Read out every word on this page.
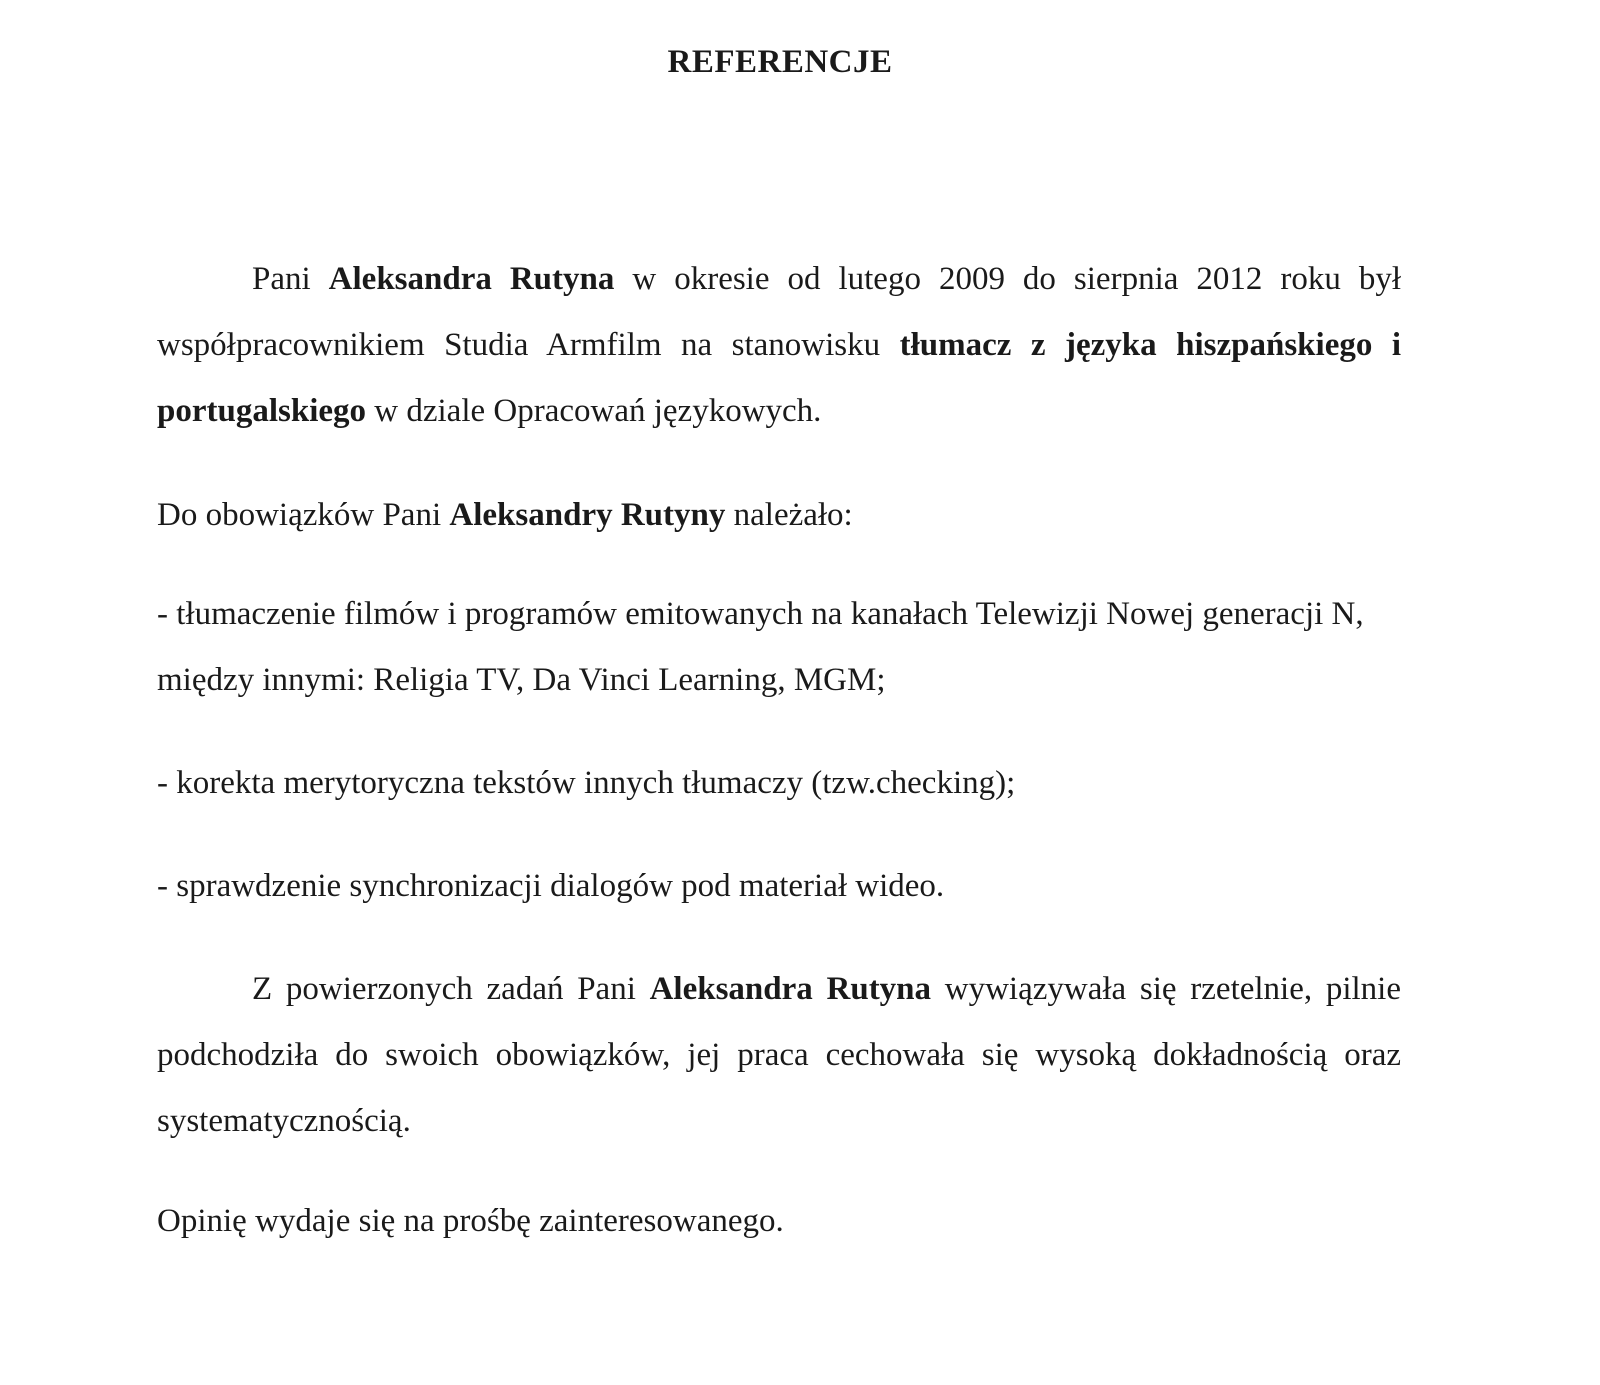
REFERENCJE

Pani Aleksandra Rutyna w okresie od lutego 2009 do sierpnia 2012 roku był współpracownikiem Studia Armfilm na stanowisku tłumacz z języka hiszpańskiego i portugalskiego w dziale Opracowań językowych.

Do obowiązków Pani Aleksandry Rutyny należało:

- tłumaczenie filmów i programów emitowanych na kanałach Telewizji Nowej generacji N, między innymi: Religia TV, Da Vinci Learning, MGM;

- korekta merytoryczna tekstów innych tłumaczy (tzw.checking);

- sprawdzenie synchronizacji dialogów pod materiał wideo.

Z powierzonych zadań Pani Aleksandra Rutyna wywiązywała się rzetelnie, pilnie podchodziła do swoich obowiązków, jej praca cechowała się wysoką dokładnością oraz systematycznością.

Opinię wydaje się na prośbę zainteresowanego.
